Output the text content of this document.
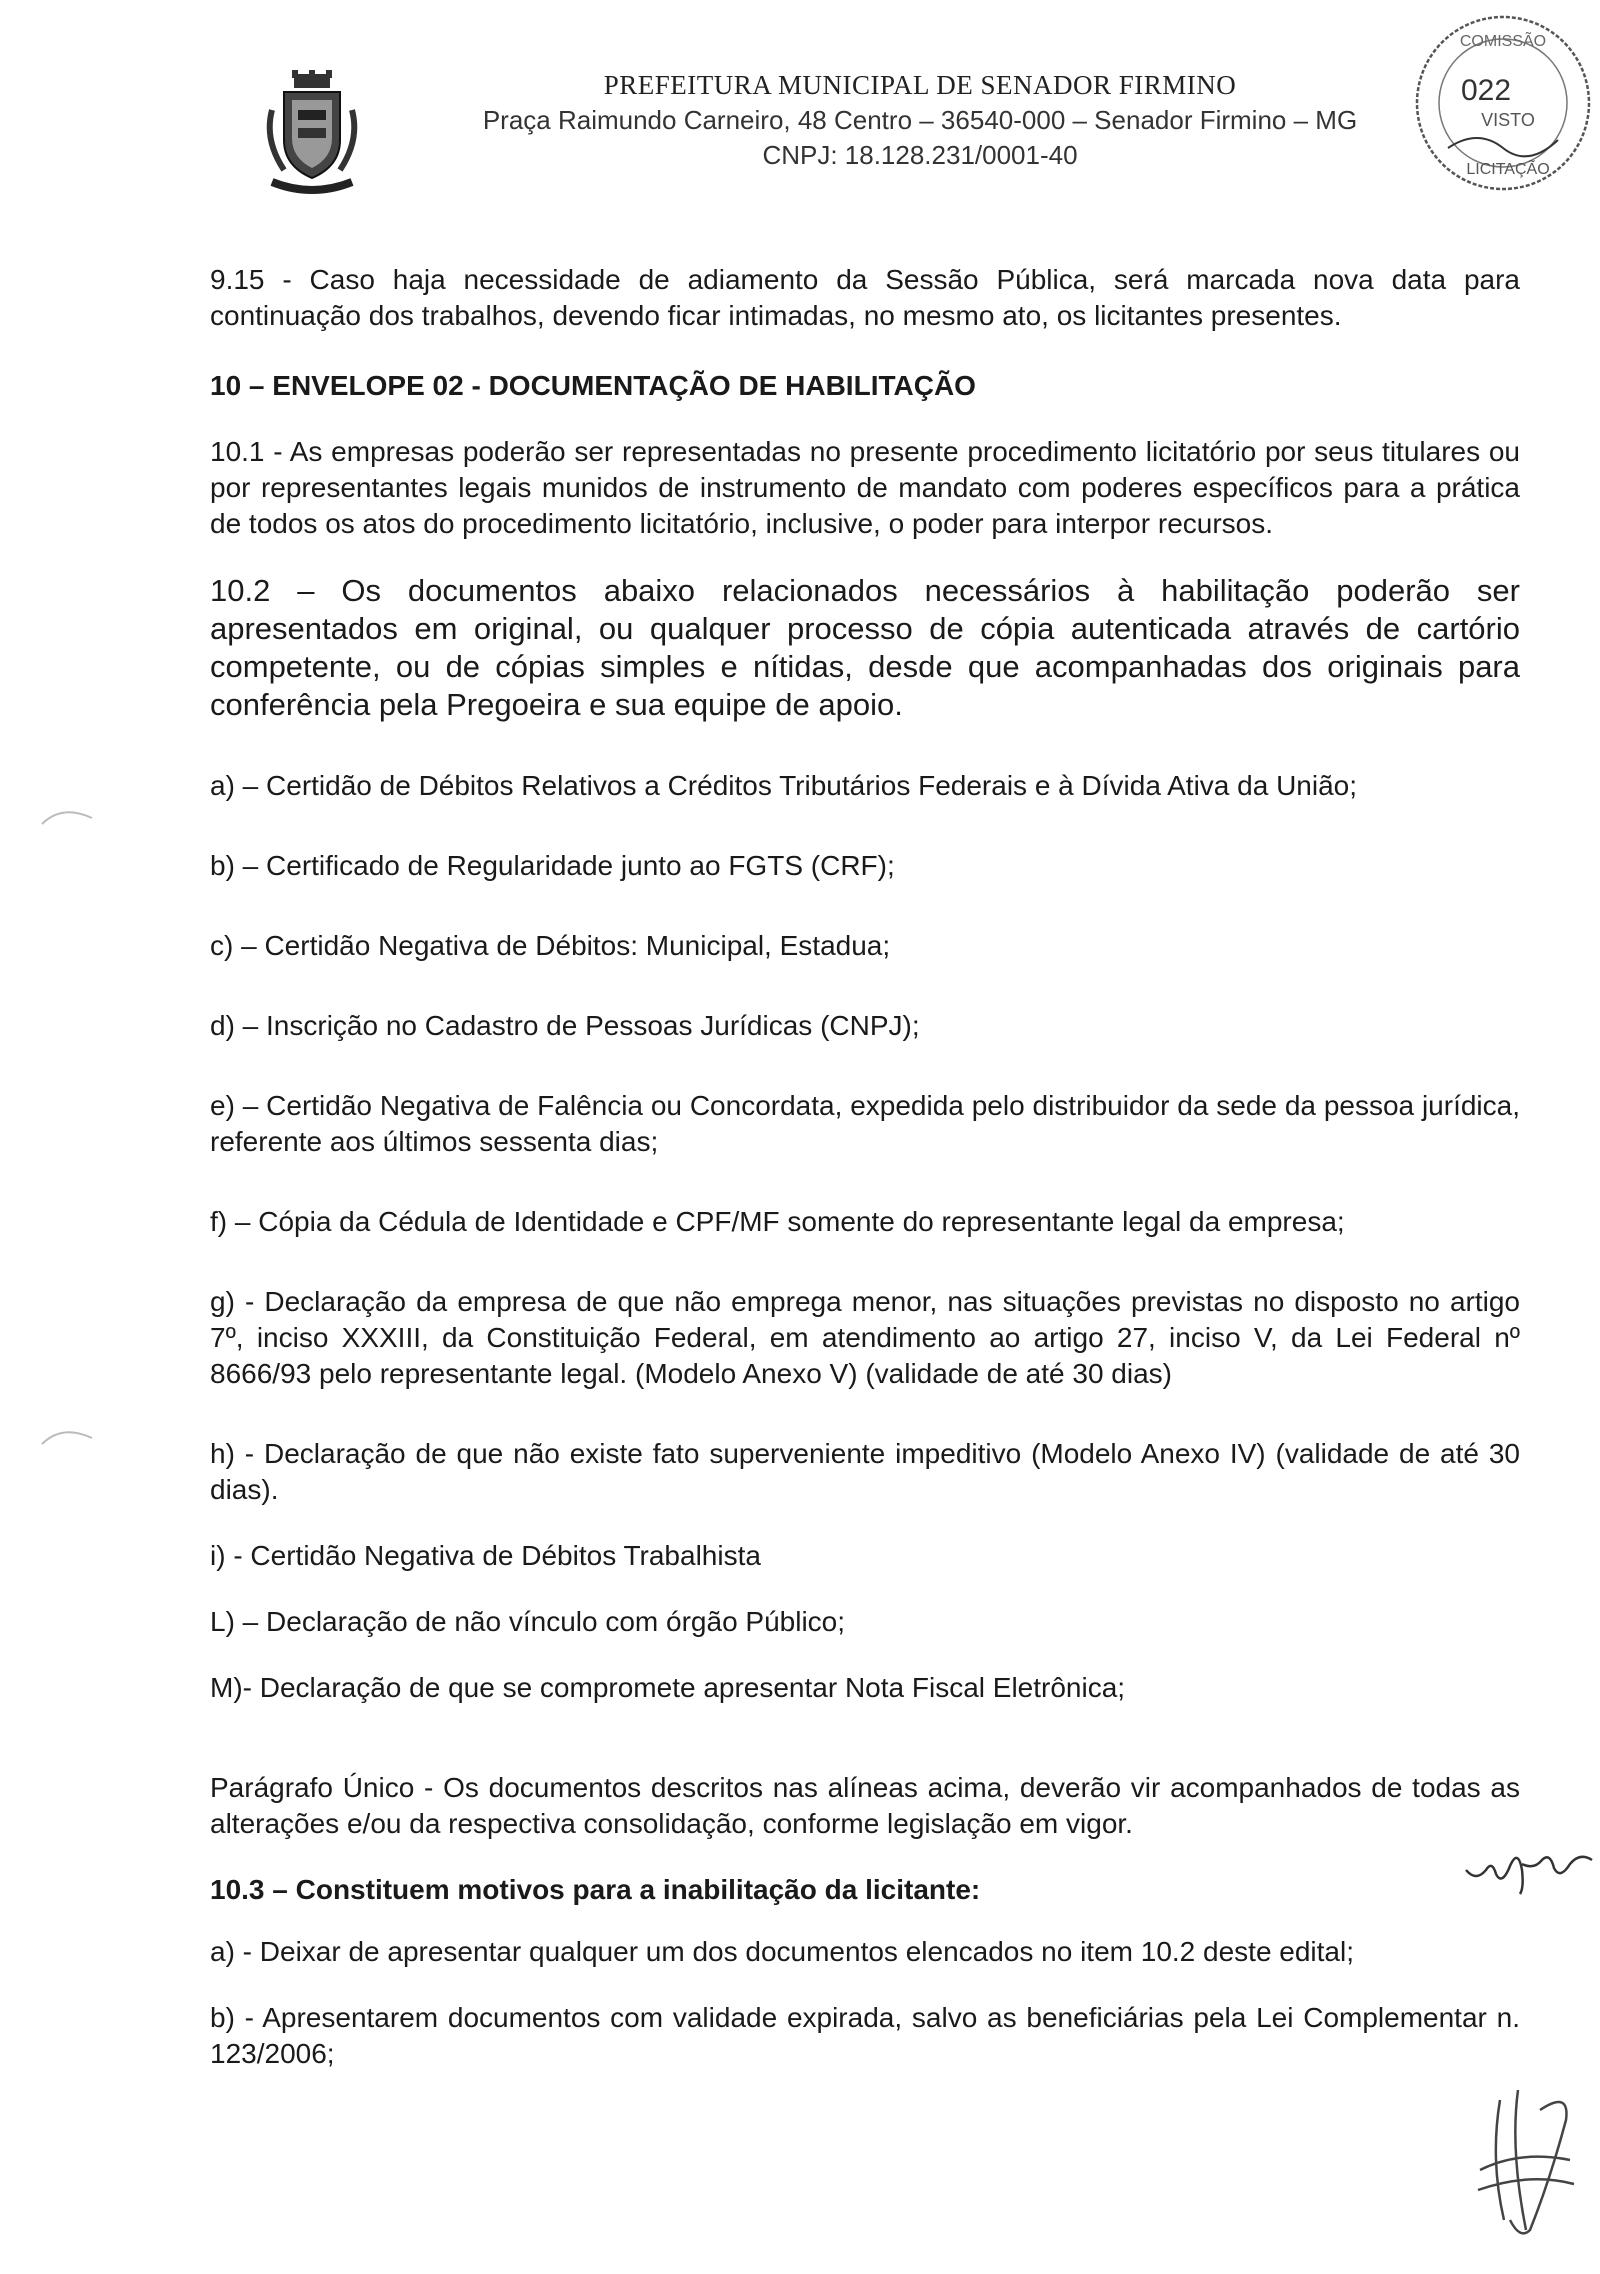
PREFEITURA MUNICIPAL DE SENADOR FIRMINO
Praça Raimundo Carneiro, 48 Centro – 36540-000 – Senador Firmino – MG
CNPJ: 18.128.231/0001-40
COMISSÃO
022
VISTO
LICITAÇÃO

9.15 - Caso haja necessidade de adiamento da Sessão Pública, será marcada nova data para continuação dos trabalhos, devendo ficar intimadas, no mesmo ato, os licitantes presentes.

10 – ENVELOPE 02 - DOCUMENTAÇÃO DE HABILITAÇÃO

10.1 - As empresas poderão ser representadas no presente procedimento licitatório por seus titulares ou por representantes legais munidos de instrumento de mandato com poderes específicos para a prática de todos os atos do procedimento licitatório, inclusive, o poder para interpor recursos.

10.2 – Os documentos abaixo relacionados necessários à habilitação poderão ser apresentados em original, ou qualquer processo de cópia autenticada através de cartório competente, ou de cópias simples e nítidas, desde que acompanhadas dos originais para conferência pela Pregoeira e sua equipe de apoio.

a) – Certidão de Débitos Relativos a Créditos Tributários Federais e à Dívida Ativa da União;

b) – Certificado de Regularidade junto ao FGTS (CRF);

c) – Certidão Negativa de Débitos: Municipal, Estadua;

d) – Inscrição no Cadastro de Pessoas Jurídicas (CNPJ);

e) – Certidão Negativa de Falência ou Concordata, expedida pelo distribuidor da sede da pessoa jurídica, referente aos últimos sessenta dias;

f) – Cópia da Cédula de Identidade e CPF/MF somente do representante legal da empresa;

g) - Declaração da empresa de que não emprega menor, nas situações previstas no disposto no artigo 7º, inciso XXXIII, da Constituição Federal, em atendimento ao artigo 27, inciso V, da Lei Federal nº 8666/93 pelo representante legal. (Modelo Anexo V) (validade de até 30 dias)

h) - Declaração de que não existe fato superveniente impeditivo (Modelo Anexo IV) (validade de até 30 dias).

i) - Certidão Negativa de Débitos Trabalhista

L) – Declaração de não vínculo com órgão Público;

M)- Declaração de que se compromete apresentar Nota Fiscal Eletrônica;

Parágrafo Único - Os documentos descritos nas alíneas acima, deverão vir acompanhados de todas as alterações e/ou da respectiva consolidação, conforme legislação em vigor.

10.3 – Constituem motivos para a inabilitação da licitante:

a) - Deixar de apresentar qualquer um dos documentos elencados no item 10.2 deste edital;

b) - Apresentarem documentos com validade expirada, salvo as beneficiárias pela Lei Complementar n. 123/2006;
